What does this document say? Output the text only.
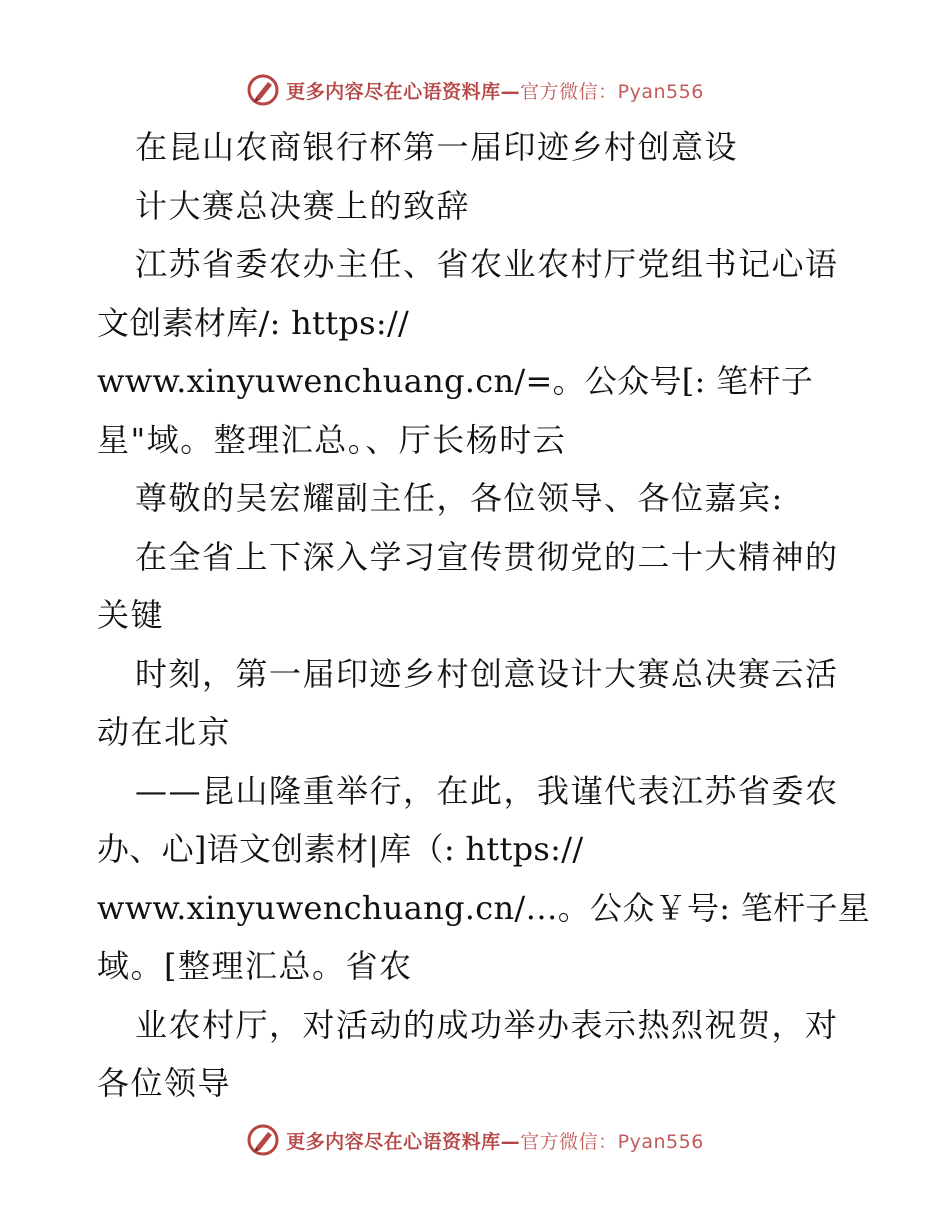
更多内容尽在心语资料库—官方微信：Pyan556
在昆山农商银行杯第一届印迹乡村创意设
计大赛总决赛上的致辞
江苏省委农办主任、省农业农村厅党组书记心语
文创素材库/: https://
www.xinyuwenchuang.cn/=。公众号[: 笔杆子
星"域。整理汇总。、厅长杨时云
尊敬的吴宏耀副主任，各位领导、各位嘉宾:
在全省上下深入学习宣传贯彻党的二十大精神的
关键
时刻，第一届印迹乡村创意设计大赛总决赛云活
动在北京
——昆山隆重举行，在此，我谨代表江苏省委农
办、心]语文创素材|库（: https://
www.xinyuwenchuang.cn/…。公众￥号: 笔杆子星
域。[整理汇总。省农
业农村厅，对活动的成功举办表示热烈祝贺，对
各位领导
更多内容尽在心语资料库—官方微信：Pyan556
